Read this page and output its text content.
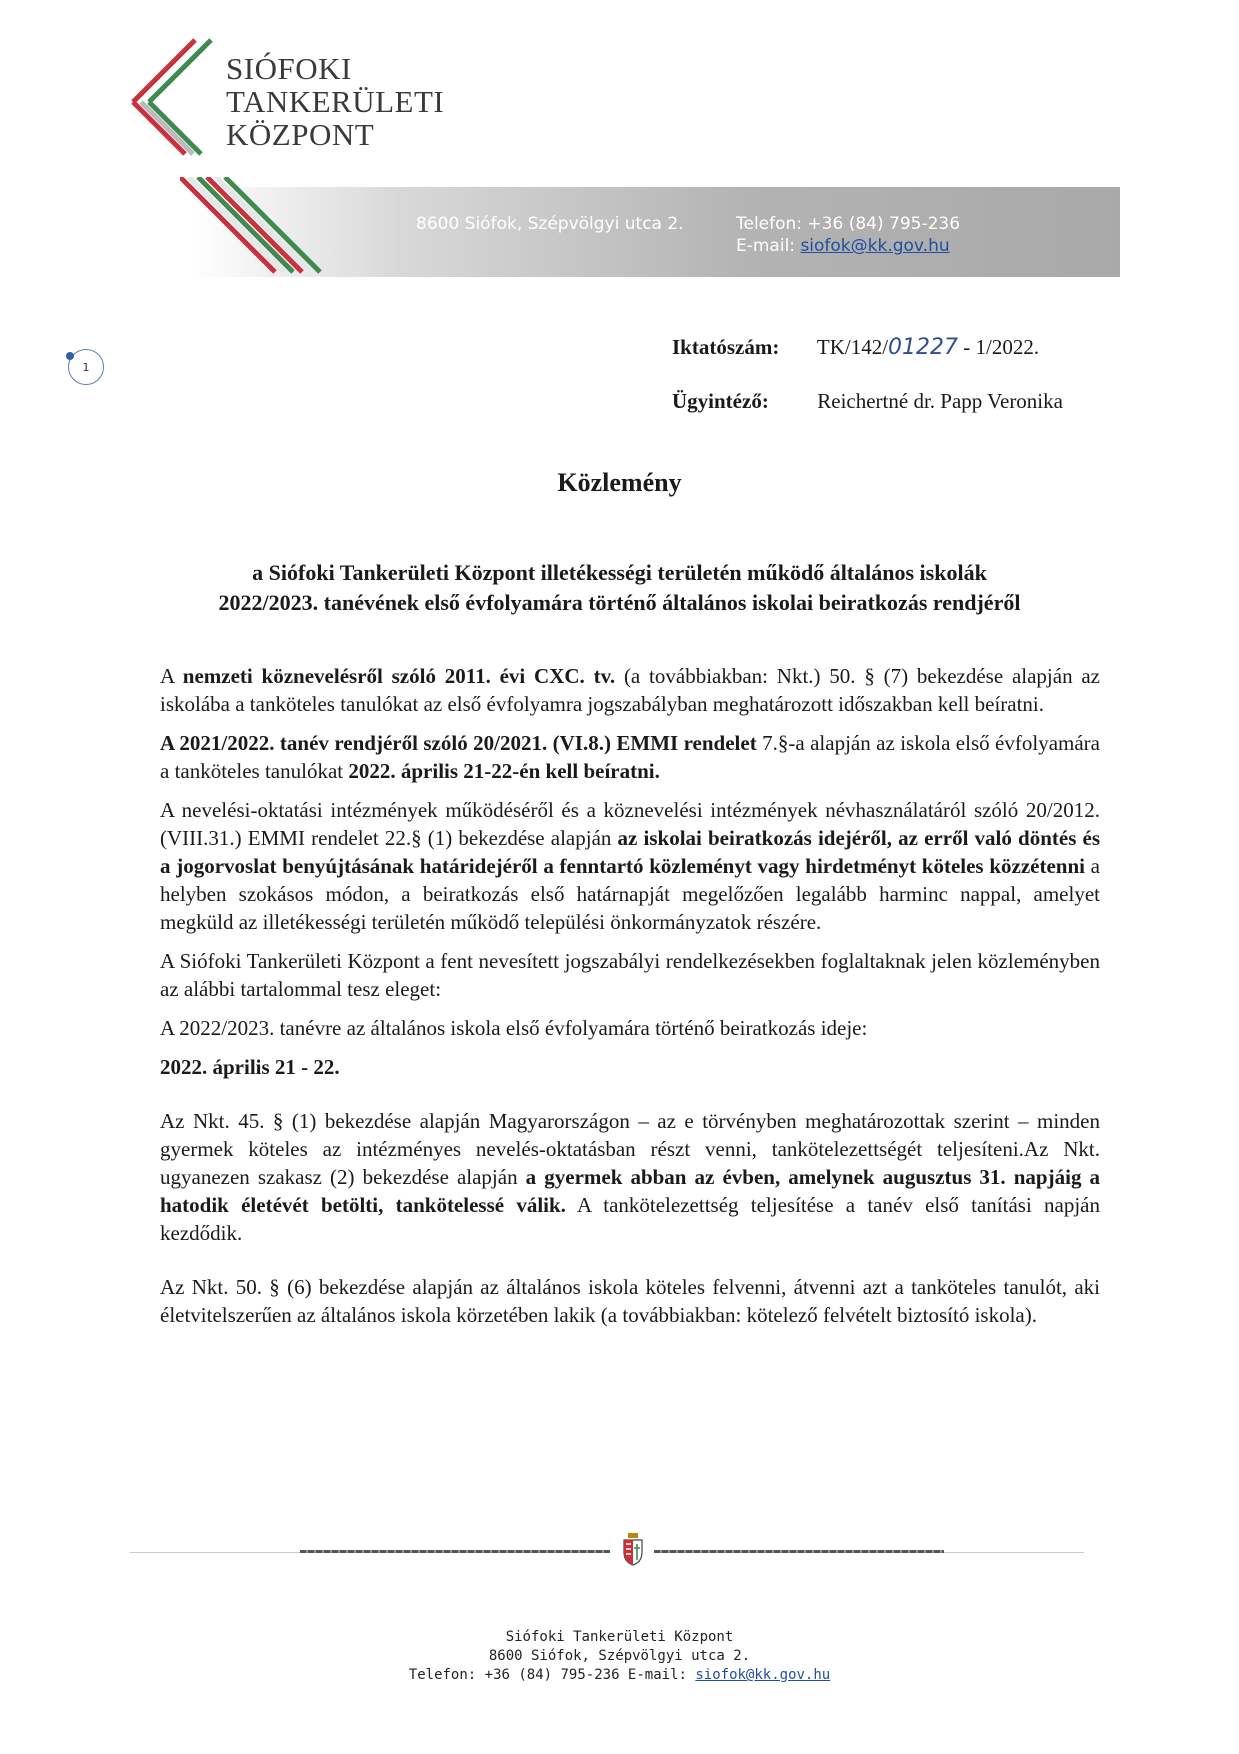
SIÓFOKI
TANKERÜLETI
KÖZPONT
8600 Siófok, Szépvölgyi utca 2.	Telefon: +36 (84) 795-236
E-mail: siofok@kk.gov.hu
1
Iktatószám: TK/142/01227 - 1/2022.
Ügyintéző: Reichertné dr. Papp Veronika
Közlemény
a Siófoki Tankerületi Központ illetékességi területén működő általános iskolák
2022/2023. tanévének első évfolyamára történő általános iskolai beiratkozás rendjéről

A nemzeti köznevelésről szóló 2011. évi CXC. tv. (a továbbiakban: Nkt.) 50. § (7) bekezdése alapján az iskolába a tanköteles tanulókat az első évfolyamra jogszabályban meghatározott időszakban kell beíratni.

A 2021/2022. tanév rendjéről szóló 20/2021. (VI.8.) EMMI rendelet 7.§-a alapján az iskola első évfolyamára a tanköteles tanulókat 2022. április 21-22-én kell beíratni.

A nevelési-oktatási intézmények működéséről és a köznevelési intézmények névhasználatáról szóló 20/2012. (VIII.31.) EMMI rendelet 22.§ (1) bekezdése alapján az iskolai beiratkozás idejéről, az erről való döntés és a jogorvoslat benyújtásának határidejéről a fenntartó közleményt vagy hirdetményt köteles közzétenni a helyben szokásos módon, a beiratkozás első határnapját megelőzően legalább harminc nappal, amelyet megküld az illetékességi területén működő települési önkormányzatok részére.

A Siófoki Tankerületi Központ a fent nevesített jogszabályi rendelkezésekben foglaltaknak jelen közleményben az alábbi tartalommal tesz eleget:

A 2022/2023. tanévre az általános iskola első évfolyamára történő beiratkozás ideje:

2022. április 21 - 22.

Az Nkt. 45. § (1) bekezdése alapján Magyarországon – az e törvényben meghatározottak szerint – minden gyermek köteles az intézményes nevelés-oktatásban részt venni, tankötelezettségét teljesíteni.Az Nkt. ugyanezen szakasz (2) bekezdése alapján a gyermek abban az évben, amelynek augusztus 31. napjáig a hatodik életévét betölti, tankötelessé válik. A tankötelezettség teljesítése a tanév első tanítási napján kezdődik.

Az Nkt. 50. § (6) bekezdése alapján az általános iskola köteles felvenni, átvenni azt a tanköteles tanulót, aki életvitelszerűen az általános iskola körzetében lakik (a továbbiakban: kötelező felvételt biztosító iskola).

Siófoki Tankerületi Központ
8600 Siófok, Szépvölgyi utca 2.
Telefon: +36 (84) 795-236 E-mail: siofok@kk.gov.hu
